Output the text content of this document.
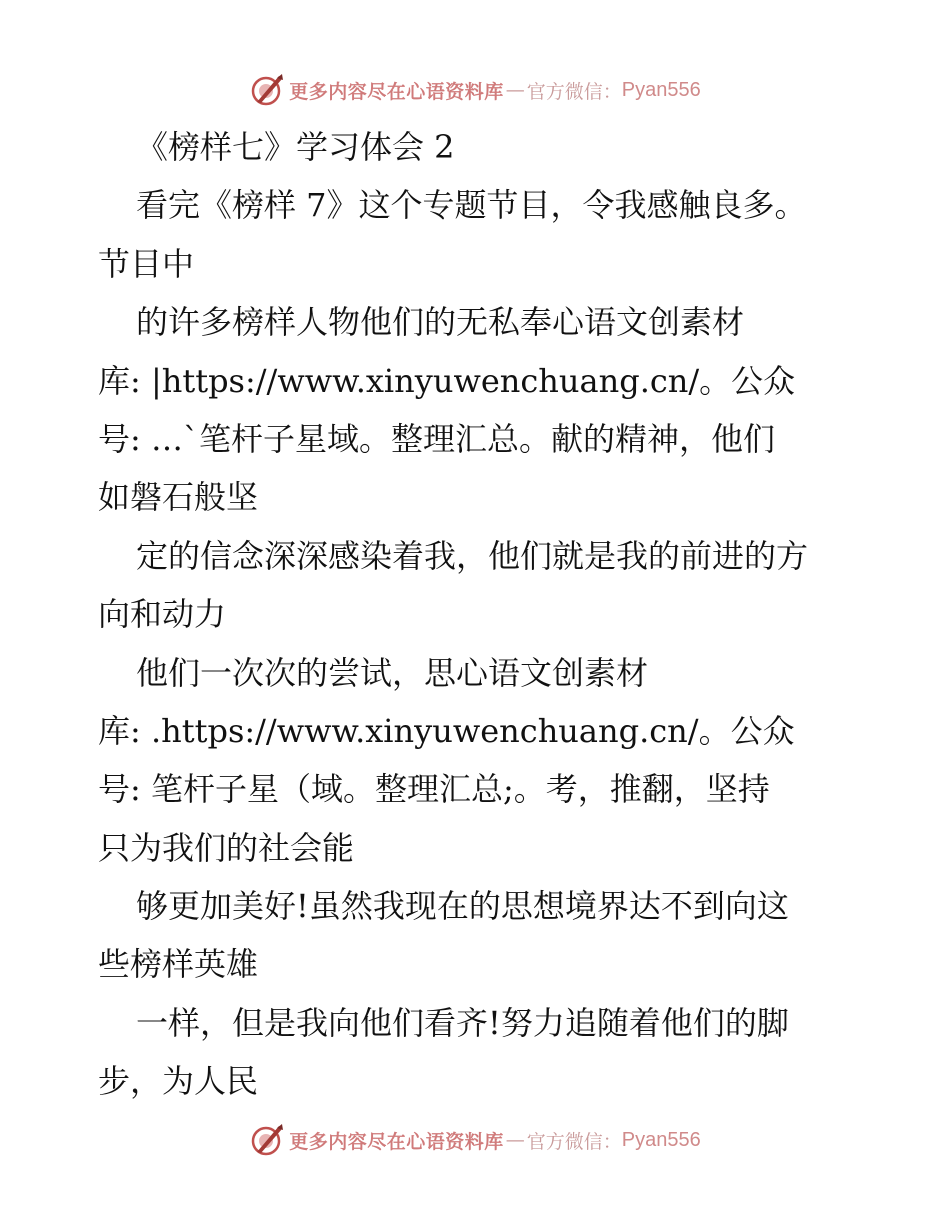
更多内容尽在心语资料库 — 官方微信： Pyan556
《榜样七》学习体会 2
看完《榜样 7》这个专题节目，令我感触良多。
节目中
的许多榜样人物他们的无私奉心语文创素材
库: |https://www.xinyuwenchuang.cn/。公众
号: …`笔杆子星域。整理汇总。献的精神，他们
如磐石般坚
定的信念深深感染着我，他们就是我的前进的方
向和动力
他们一次次的尝试，思心语文创素材
库: .https://www.xinyuwenchuang.cn/。公众
号: 笔杆子星（域。整理汇总;。考，推翻，坚持
只为我们的社会能
够更加美好!虽然我现在的思想境界达不到向这
些榜样英雄
一样，但是我向他们看齐!努力追随着他们的脚
步，为人民
更多内容尽在心语资料库 — 官方微信： Pyan556
